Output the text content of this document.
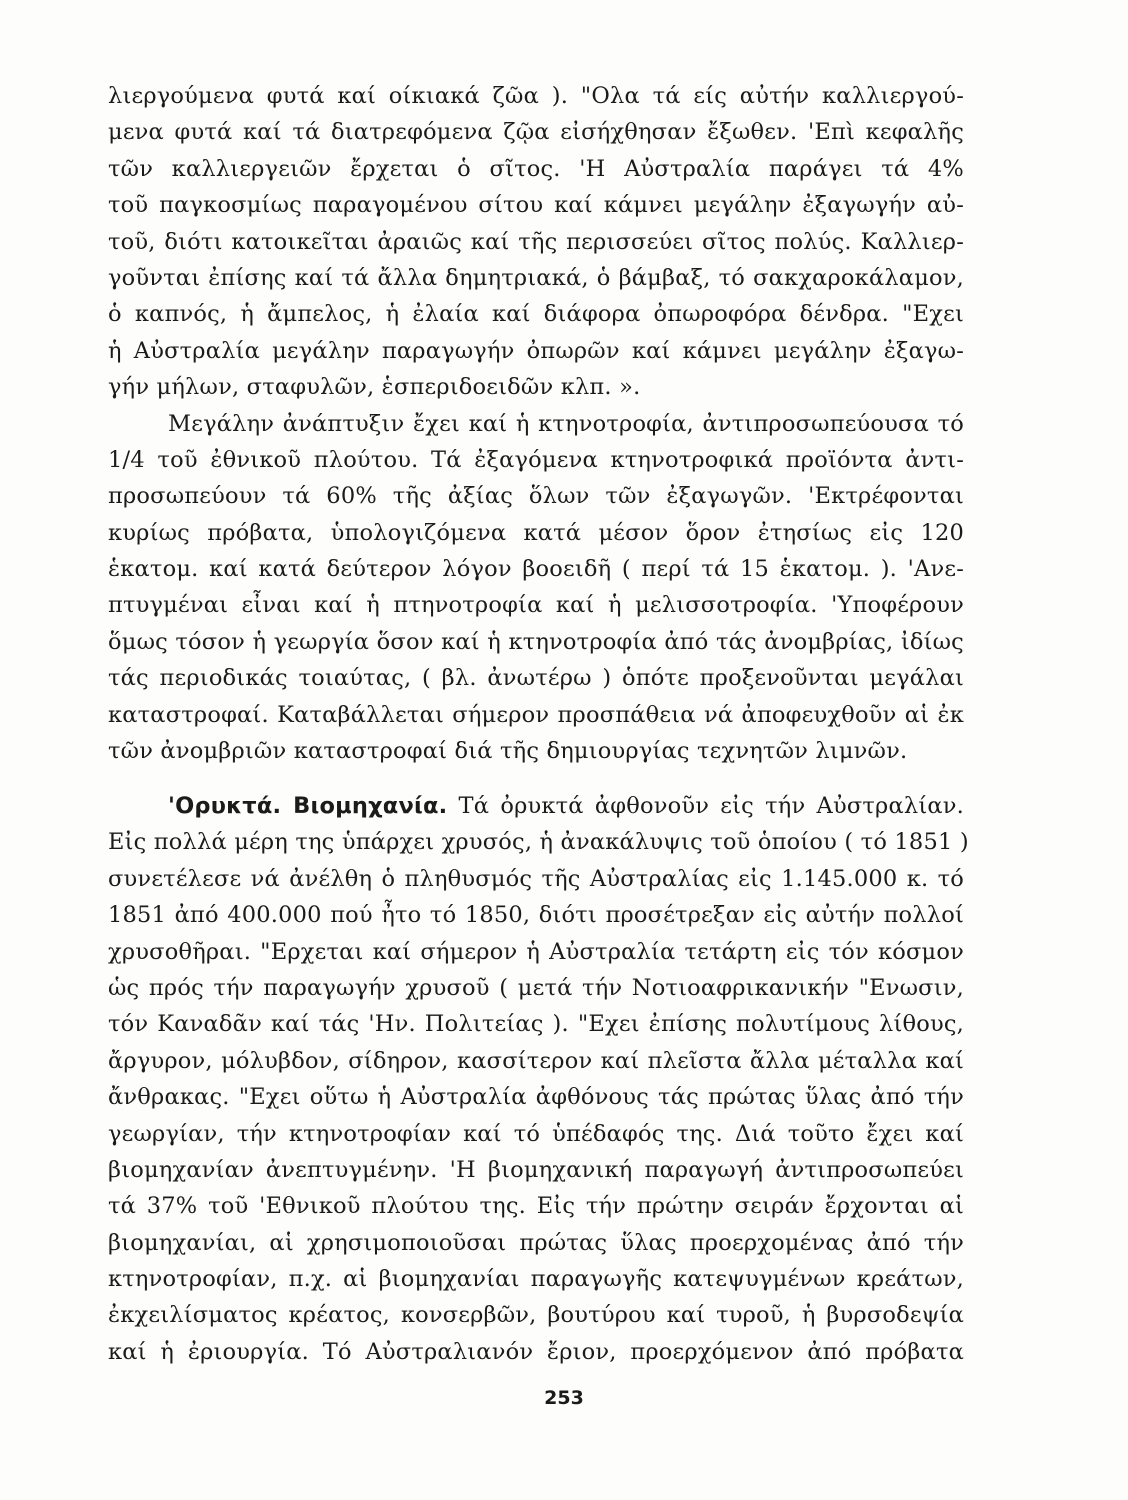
λιεργούμενα φυτά καί οίκιακά ζῶα ). "Ολα τά είς αὐτήν καλλιεργού-
μενα φυτά καί τά διατρεφόμενα ζῷα εἰσήχθησαν ἔξωθεν. 'Επὶ κεφαλῆς
τῶν καλλιεργειῶν ἔρχεται ὁ σῖτος. 'Η Αὐστραλία παράγει τά 4%
τοῦ παγκοσμίως παραγομένου σίτου καί κάμνει μεγάλην ἐξαγωγήν αὐ-
τοῦ, διότι κατοικεῖται ἀραιῶς καί τῆς περισσεύει σῖτος πολύς. Καλλιερ-
γοῦνται ἐπίσης καί τά ἄλλα δημητριακά, ὁ βάμβαξ, τό σακχαροκάλαμον,
ὁ καπνός, ἡ ἄμπελος, ἡ ἐλαία καί διάφορα ὀπωροφόρα δένδρα. "Εχει
ἡ Αὐστραλία μεγάλην παραγωγήν ὀπωρῶν καί κάμνει μεγάλην ἐξαγω-
γήν μήλων, σταφυλῶν, ἑσπεριδοειδῶν κλπ. ».
Μεγάλην ἀνάπτυξιν ἔχει καί ἡ κτηνοτροφία, ἀντιπροσωπεύουσα τό
1/4 τοῦ ἐθνικοῦ πλούτου. Τά ἐξαγόμενα κτηνοτροφικά προϊόντα ἀντι-
προσωπεύουν τά 60% τῆς ἀξίας ὅλων τῶν ἐξαγωγῶν. 'Εκτρέφονται
κυρίως πρόβατα, ὑπολογιζόμενα κατά μέσον ὅρον ἐτησίως εἰς 120
ἑκατομ. καί κατά δεύτερον λόγον βοοειδῆ ( περί τά 15 ἑκατομ. ). 'Ανε-
πτυγμέναι εἶναι καί ἡ πτηνοτροφία καί ἡ μελισσοτροφία. 'Υποφέρουν
ὅμως τόσον ἡ γεωργία ὅσον καί ἡ κτηνοτροφία ἀπό τάς ἀνομβρίας, ἰδίως
τάς περιοδικάς τοιαύτας, ( βλ. ἀνωτέρω ) ὁπότε προξενοῦνται μεγάλαι
καταστροφαί. Καταβάλλεται σήμερον προσπάθεια νά ἀποφευχθοῦν αἱ ἐκ
τῶν ἀνομβριῶν καταστροφαί διά τῆς δημιουργίας τεχνητῶν λιμνῶν.
'Ορυκτά. Βιομηχανία. Τά ὀρυκτά ἀφθονοῦν εἰς τήν Αὐστραλίαν.
Εἰς πολλά μέρη της ὑπάρχει χρυσός, ἡ ἀνακάλυψις τοῦ ὁποίου ( τό 1851 )
συνετέλεσε νά ἀνέλθη ὁ πληθυσμός τῆς Αὐστραλίας εἰς 1.145.000 κ. τό
1851 ἀπό 400.000 πού ἦτο τό 1850, διότι προσέτρεξαν εἰς αὐτήν πολλοί
χρυσοθῆραι. "Ερχεται καί σήμερον ἡ Αὐστραλία τετάρτη εἰς τόν κόσμον
ὡς πρός τήν παραγωγήν χρυσοῦ ( μετά τήν Νοτιοαφρικανικήν "Ενωσιν,
τόν Καναδᾶν καί τάς 'Ην. Πολιτείας ). "Εχει ἐπίσης πολυτίμους λίθους,
ἄργυρον, μόλυβδον, σίδηρον, κασσίτερον καί πλεῖστα ἄλλα μέταλλα καί
ἄνθρακας. "Εχει οὕτω ἡ Αὐστραλία ἀφθόνους τάς πρώτας ὕλας ἀπό τήν
γεωργίαν, τήν κτηνοτροφίαν καί τό ὑπέδαφός της. Διά τοῦτο ἔχει καί
βιομηχανίαν ἀνεπτυγμένην. 'Η βιομηχανική παραγωγή ἀντιπροσωπεύει
τά 37% τοῦ 'Εθνικοῦ πλούτου της. Εἰς τήν πρώτην σειράν ἔρχονται αἱ
βιομηχανίαι, αἱ χρησιμοποιοῦσαι πρώτας ὕλας προερχομένας ἀπό τήν
κτηνοτροφίαν, π.χ. αἱ βιομηχανίαι παραγωγῆς κατεψυγμένων κρεάτων,
ἐκχειλίσματος κρέατος, κονσερβῶν, βουτύρου καί τυροῦ, ἡ βυρσοδεψία
καί ἡ ἐριουργία. Τό Αὐστραλιανόν ἔριον, προερχόμενον ἀπό πρόβατα
253
